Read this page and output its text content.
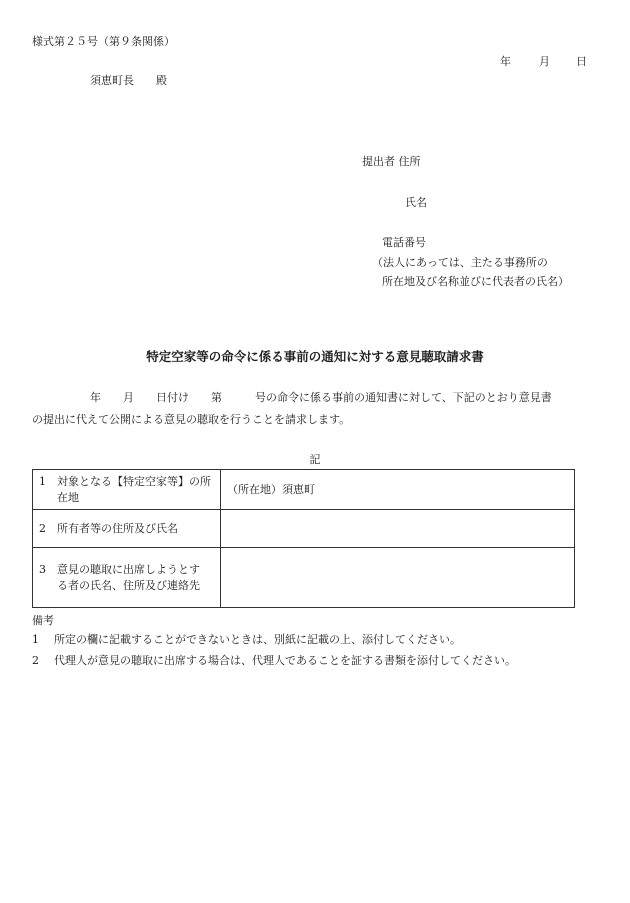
様式第２５号（第９条関係）
年	月 日
須恵町長　　殿
提出者 住所
氏名
電話番号
（法人にあっては、主たる事務所の
所在地及び名称並びに代表者の氏名）
特定空家等の命令に係る事前の通知に対する意見聴取請求書
年　　月　　日付け　　第　　　号の命令に係る事前の通知書に対して、下記のとおり意見書
の提出に代えて公開による意見の聴取を行うことを請求します。
記
1 対象となる【特定空家等】の所
在地	（所在地）須恵町
2 所有者等の住所及び氏名	
3 意見の聴取に出席しようとす
る者の氏名、住所及び連絡先	

備考
1 所定の欄に記載することができないときは、別紙に記載の上、添付してください。
2 代理人が意見の聴取に出席する場合は、代理人であることを証する書類を添付してください。
